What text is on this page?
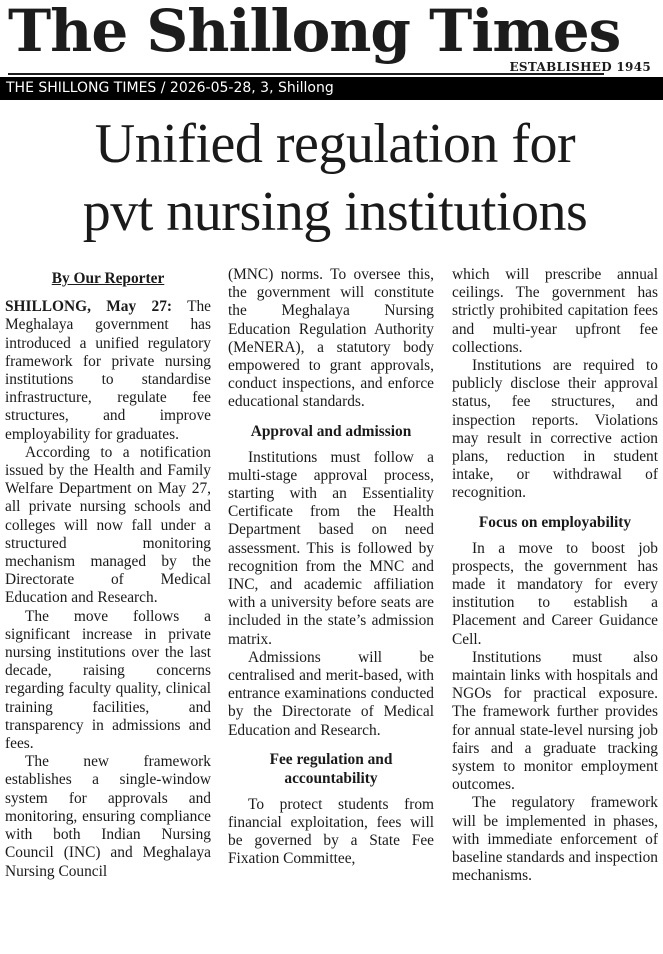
The Shillong Times
ESTABLISHED 1945
THE SHILLONG TIMES / 2026-05-28, 3, Shillong
Unified regulation for
pvt nursing institutions
By Our Reporter

SHILLONG, May 27: The Meghalaya government has introduced a unified regulatory framework for private nursing institutions to standardise infrastructure, regulate fee structures, and improve employability for graduates.

According to a notification issued by the Health and Family Welfare Department on May 27, all private nursing schools and colleges will now fall under a structured monitoring mechanism managed by the Directorate of Medical Education and Research.

The move follows a significant increase in private nursing institutions over the last decade, raising concerns regarding faculty quality, clinical training facilities, and transparency in admissions and fees.

The new framework establishes a single-window system for approvals and monitoring, ensuring compliance with both Indian Nursing Council (INC) and Meghalaya Nursing Council

(MNC) norms. To oversee this, the government will constitute the Meghalaya Nursing Education Regulation Authority (MeNERA), a statutory body empowered to grant approvals, conduct inspections, and enforce educational standards.

Approval and admission

Institutions must follow a multi-stage approval process, starting with an Essentiality Certificate from the Health Department based on need assessment. This is followed by recognition from the MNC and INC, and academic affiliation with a university before seats are included in the state’s admission matrix.

Admissions will be centralised and merit-based, with entrance examinations conducted by the Directorate of Medical Education and Research.

Fee regulation and accountability

To protect students from financial exploitation, fees will be governed by a State Fee Fixation Committee,

which will prescribe annual ceilings. The government has strictly prohibited capitation fees and multi-year upfront fee collections.

Institutions are required to publicly disclose their approval status, fee structures, and inspection reports. Violations may result in corrective action plans, reduction in student intake, or withdrawal of recognition.

Focus on employability

In a move to boost job prospects, the government has made it mandatory for every institution to establish a Placement and Career Guidance Cell.

Institutions must also maintain links with hospitals and NGOs for practical exposure. The framework further provides for annual state-level nursing job fairs and a graduate tracking system to monitor employment outcomes.

The regulatory framework will be implemented in phases, with immediate enforcement of baseline standards and inspection mechanisms.
